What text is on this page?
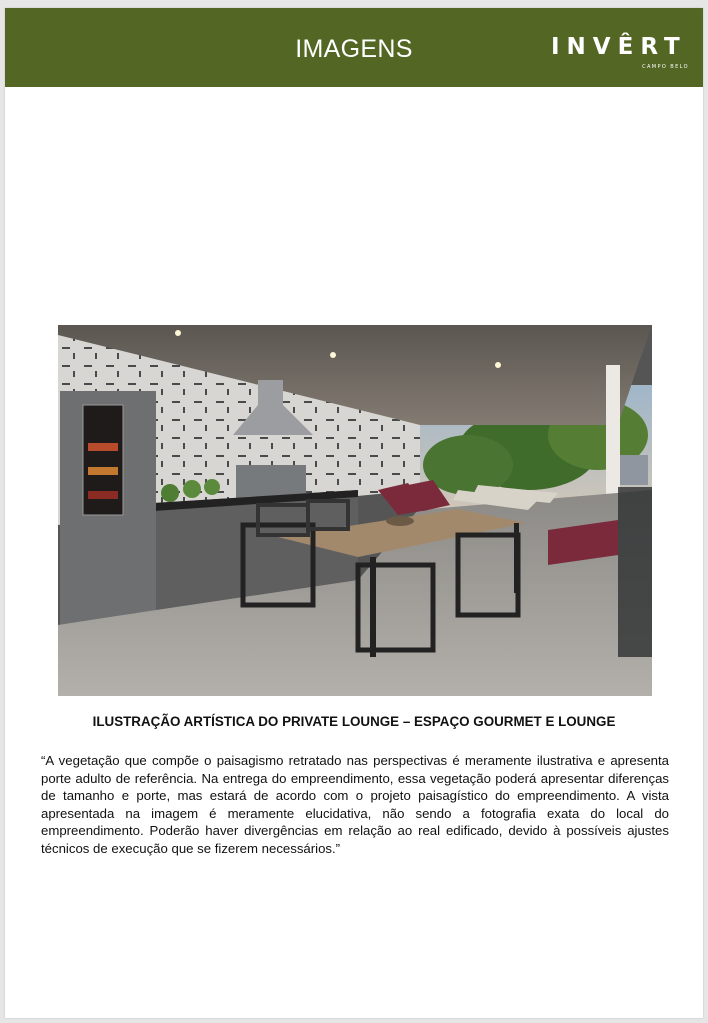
IMAGENS	INVÊRT
CAMPO BELO
ILUSTRAÇÃO ARTÍSTICA DO PRIVATE LOUNGE – ESPAÇO GOURMET E LOUNGE
“A vegetação que compõe o paisagismo retratado nas perspectivas é meramente ilustrativa e apresenta porte adulto de referência. Na entrega do empreendimento, essa vegetação poderá apresentar diferenças de tamanho e porte, mas estará de acordo com o projeto paisagístico do empreendimento. A vista apresentada na imagem é meramente elucidativa, não sendo a fotografia exata do local do empreendimento. Poderão haver divergências em relação ao real edificado, devido à possíveis ajustes técnicos de execução que se fizerem necessários.”
